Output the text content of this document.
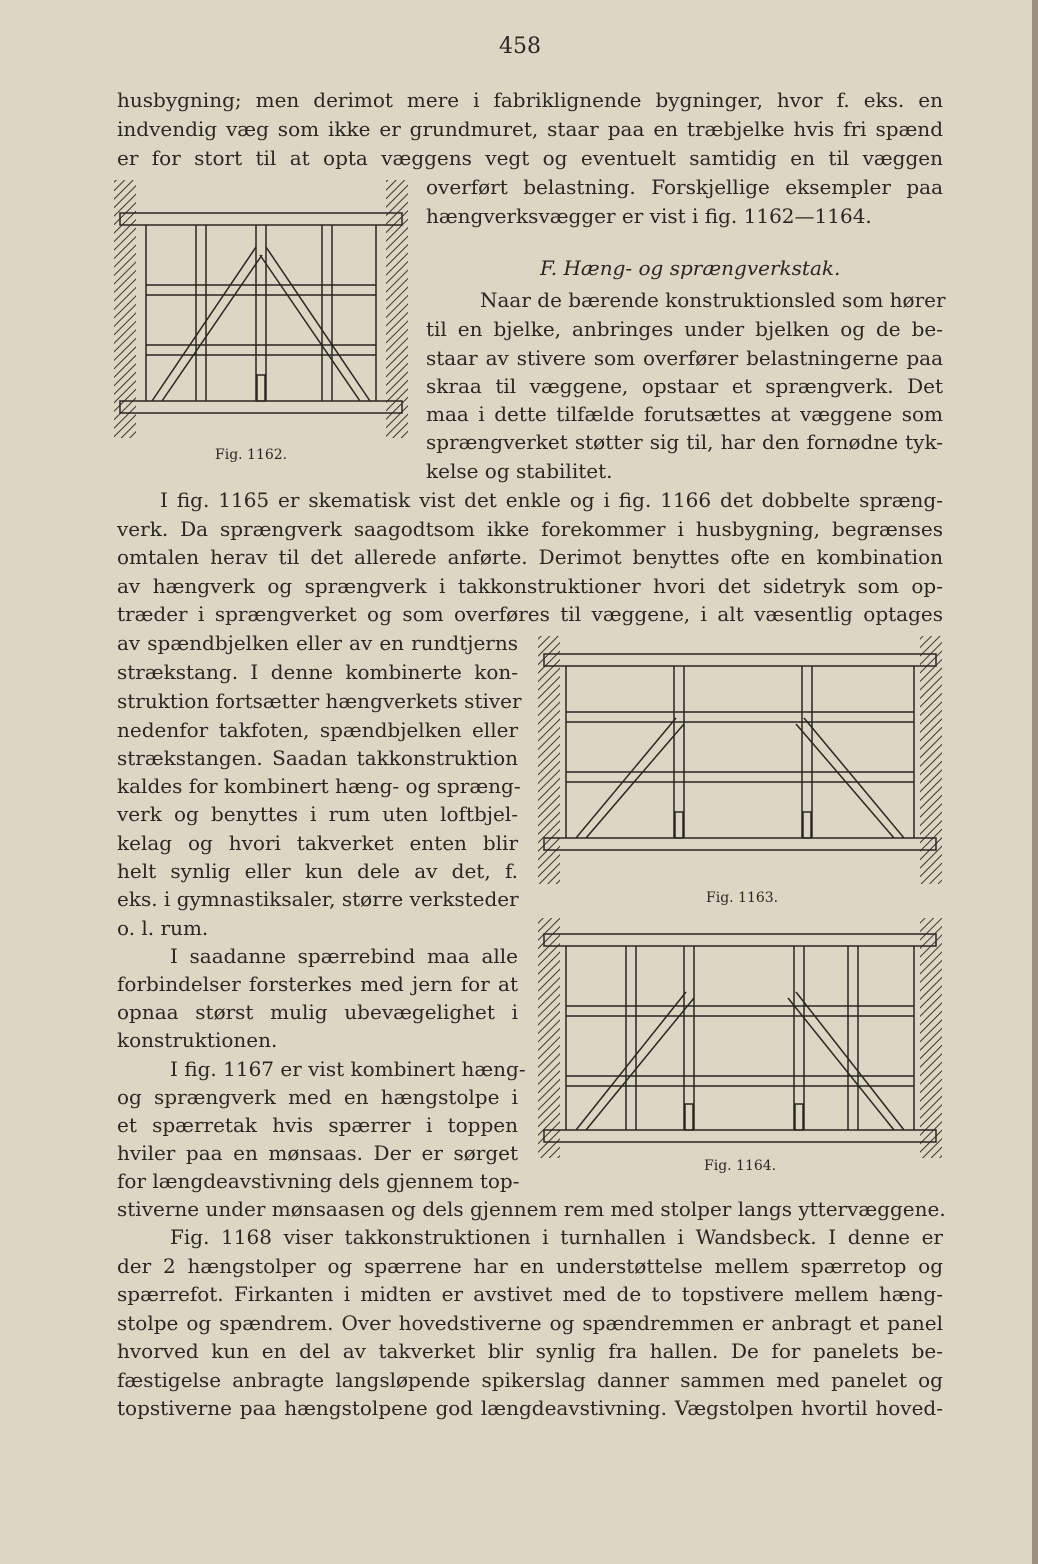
458
husbygning; men derimot mere i fabriklignende bygninger, hvor f. eks. en
indvendig væg som ikke er grundmuret, staar paa en træbjelke hvis fri spænd
er for stort til at opta væggens vegt og eventuelt samtidig en til væggen
overført belastning. Forskjellige eksempler paa
hængverksvægger er vist i fig. 1162—1164.
F. Hæng- og sprængverkstak.
Naar de bærende konstruktionsled som hører
til en bjelke, anbringes under bjelken og de be-
staar av stivere som overfører belastningerne paa
skraa til væggene, opstaar et sprængverk. Det
maa i dette tilfælde forutsættes at væggene som
sprængverket støtter sig til, har den fornødne tyk-
kelse og stabilitet.
I fig. 1165 er skematisk vist det enkle og i fig. 1166 det dobbelte spræng-
verk. Da sprængverk saagodtsom ikke forekommer i husbygning, begrænses
omtalen herav til det allerede anførte. Derimot benyttes ofte en kombination
av hængverk og sprængverk i takkonstruktioner hvori det sidetryk som op-
træder i sprængverket og som overføres til væggene, i alt væsentlig optages
av spændbjelken eller av en rundtjerns
strækstang. I denne kombinerte kon-
struktion fortsætter hængverkets stiver
nedenfor takfoten, spændbjelken eller
strækstangen. Saadan takkonstruktion
kaldes for kombinert hæng- og spræng-
verk og benyttes i rum uten loftbjel-
kelag og hvori takverket enten blir
helt synlig eller kun dele av det, f.
eks. i gymnastiksaler, større verksteder
o. l. rum.
I saadanne spærrebind maa alle
forbindelser forsterkes med jern for at
opnaa størst mulig ubevægelighet i
konstruktionen.
I fig. 1167 er vist kombinert hæng-
og sprængverk med en hængstolpe i
et spærretak hvis spærrer i toppen
hviler paa en mønsaas. Der er sørget
for længdeavstivning dels gjennem top-
stiverne under mønsaasen og dels gjennem rem med stolper langs yttervæggene.
Fig. 1168 viser takkonstruktionen i turnhallen i Wandsbeck. I denne er
der 2 hængstolper og spærrene har en understøttelse mellem spærretop og
spærrefot. Firkanten i midten er avstivet med de to topstivere mellem hæng-
stolpe og spændrem. Over hovedstiverne og spændremmen er anbragt et panel
hvorved kun en del av takverket blir synlig fra hallen. De for panelets be-
fæstigelse anbragte langsløpende spikerslag danner sammen med panelet og
topstiverne paa hængstolpene god længdeavstivning. Vægstolpen hvortil hoved-
Fig. 1162.
Fig. 1163.
Fig. 1164.
